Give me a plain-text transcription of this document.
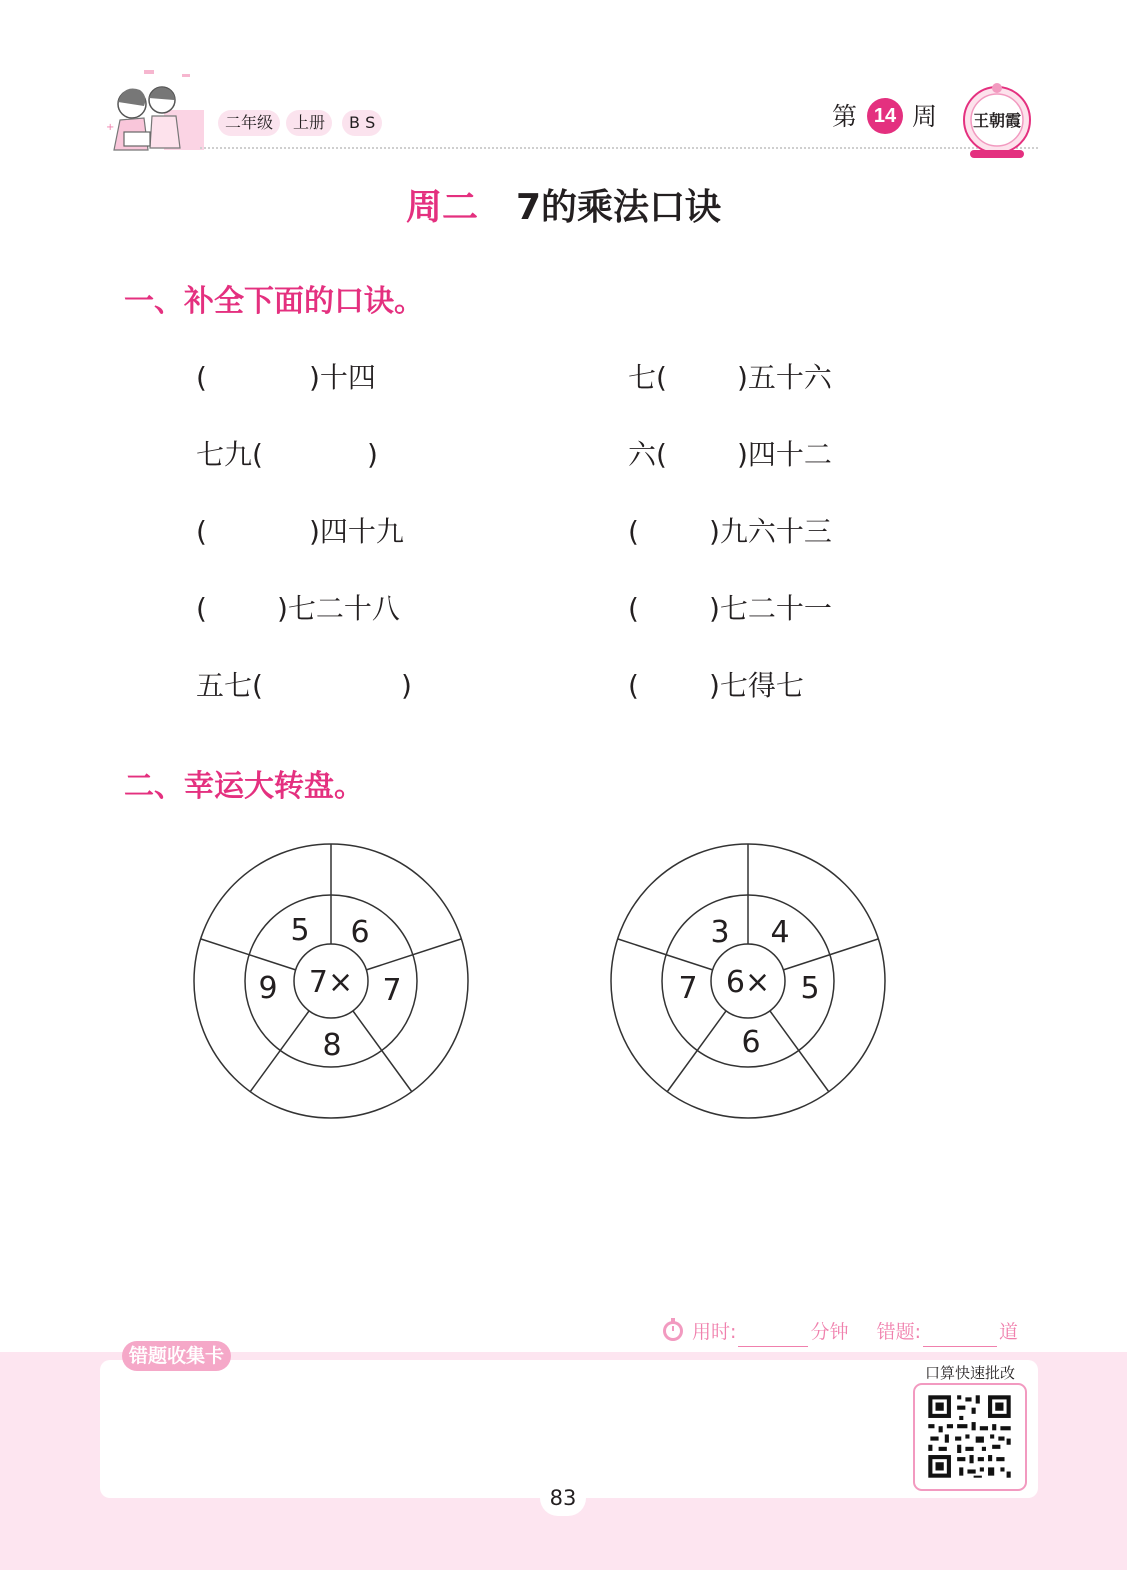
+	二年级	上册	B S	第 14 周	王朝霞
周二 7的乘法口诀
一、补全下面的口诀。
(	)十四
七九(	)
(	)四十九
(	)七二十八
五七(	)
七(	)五十六
六(	)四十二
(	)九六十三
(	)七二十一
(	)七得七
二、幸运大转盘。
7×
5 6
7
8
9	6×
3 4
5
6
7
用时:	分钟 错题:	道
错题收集卡
口算快速批改
83
